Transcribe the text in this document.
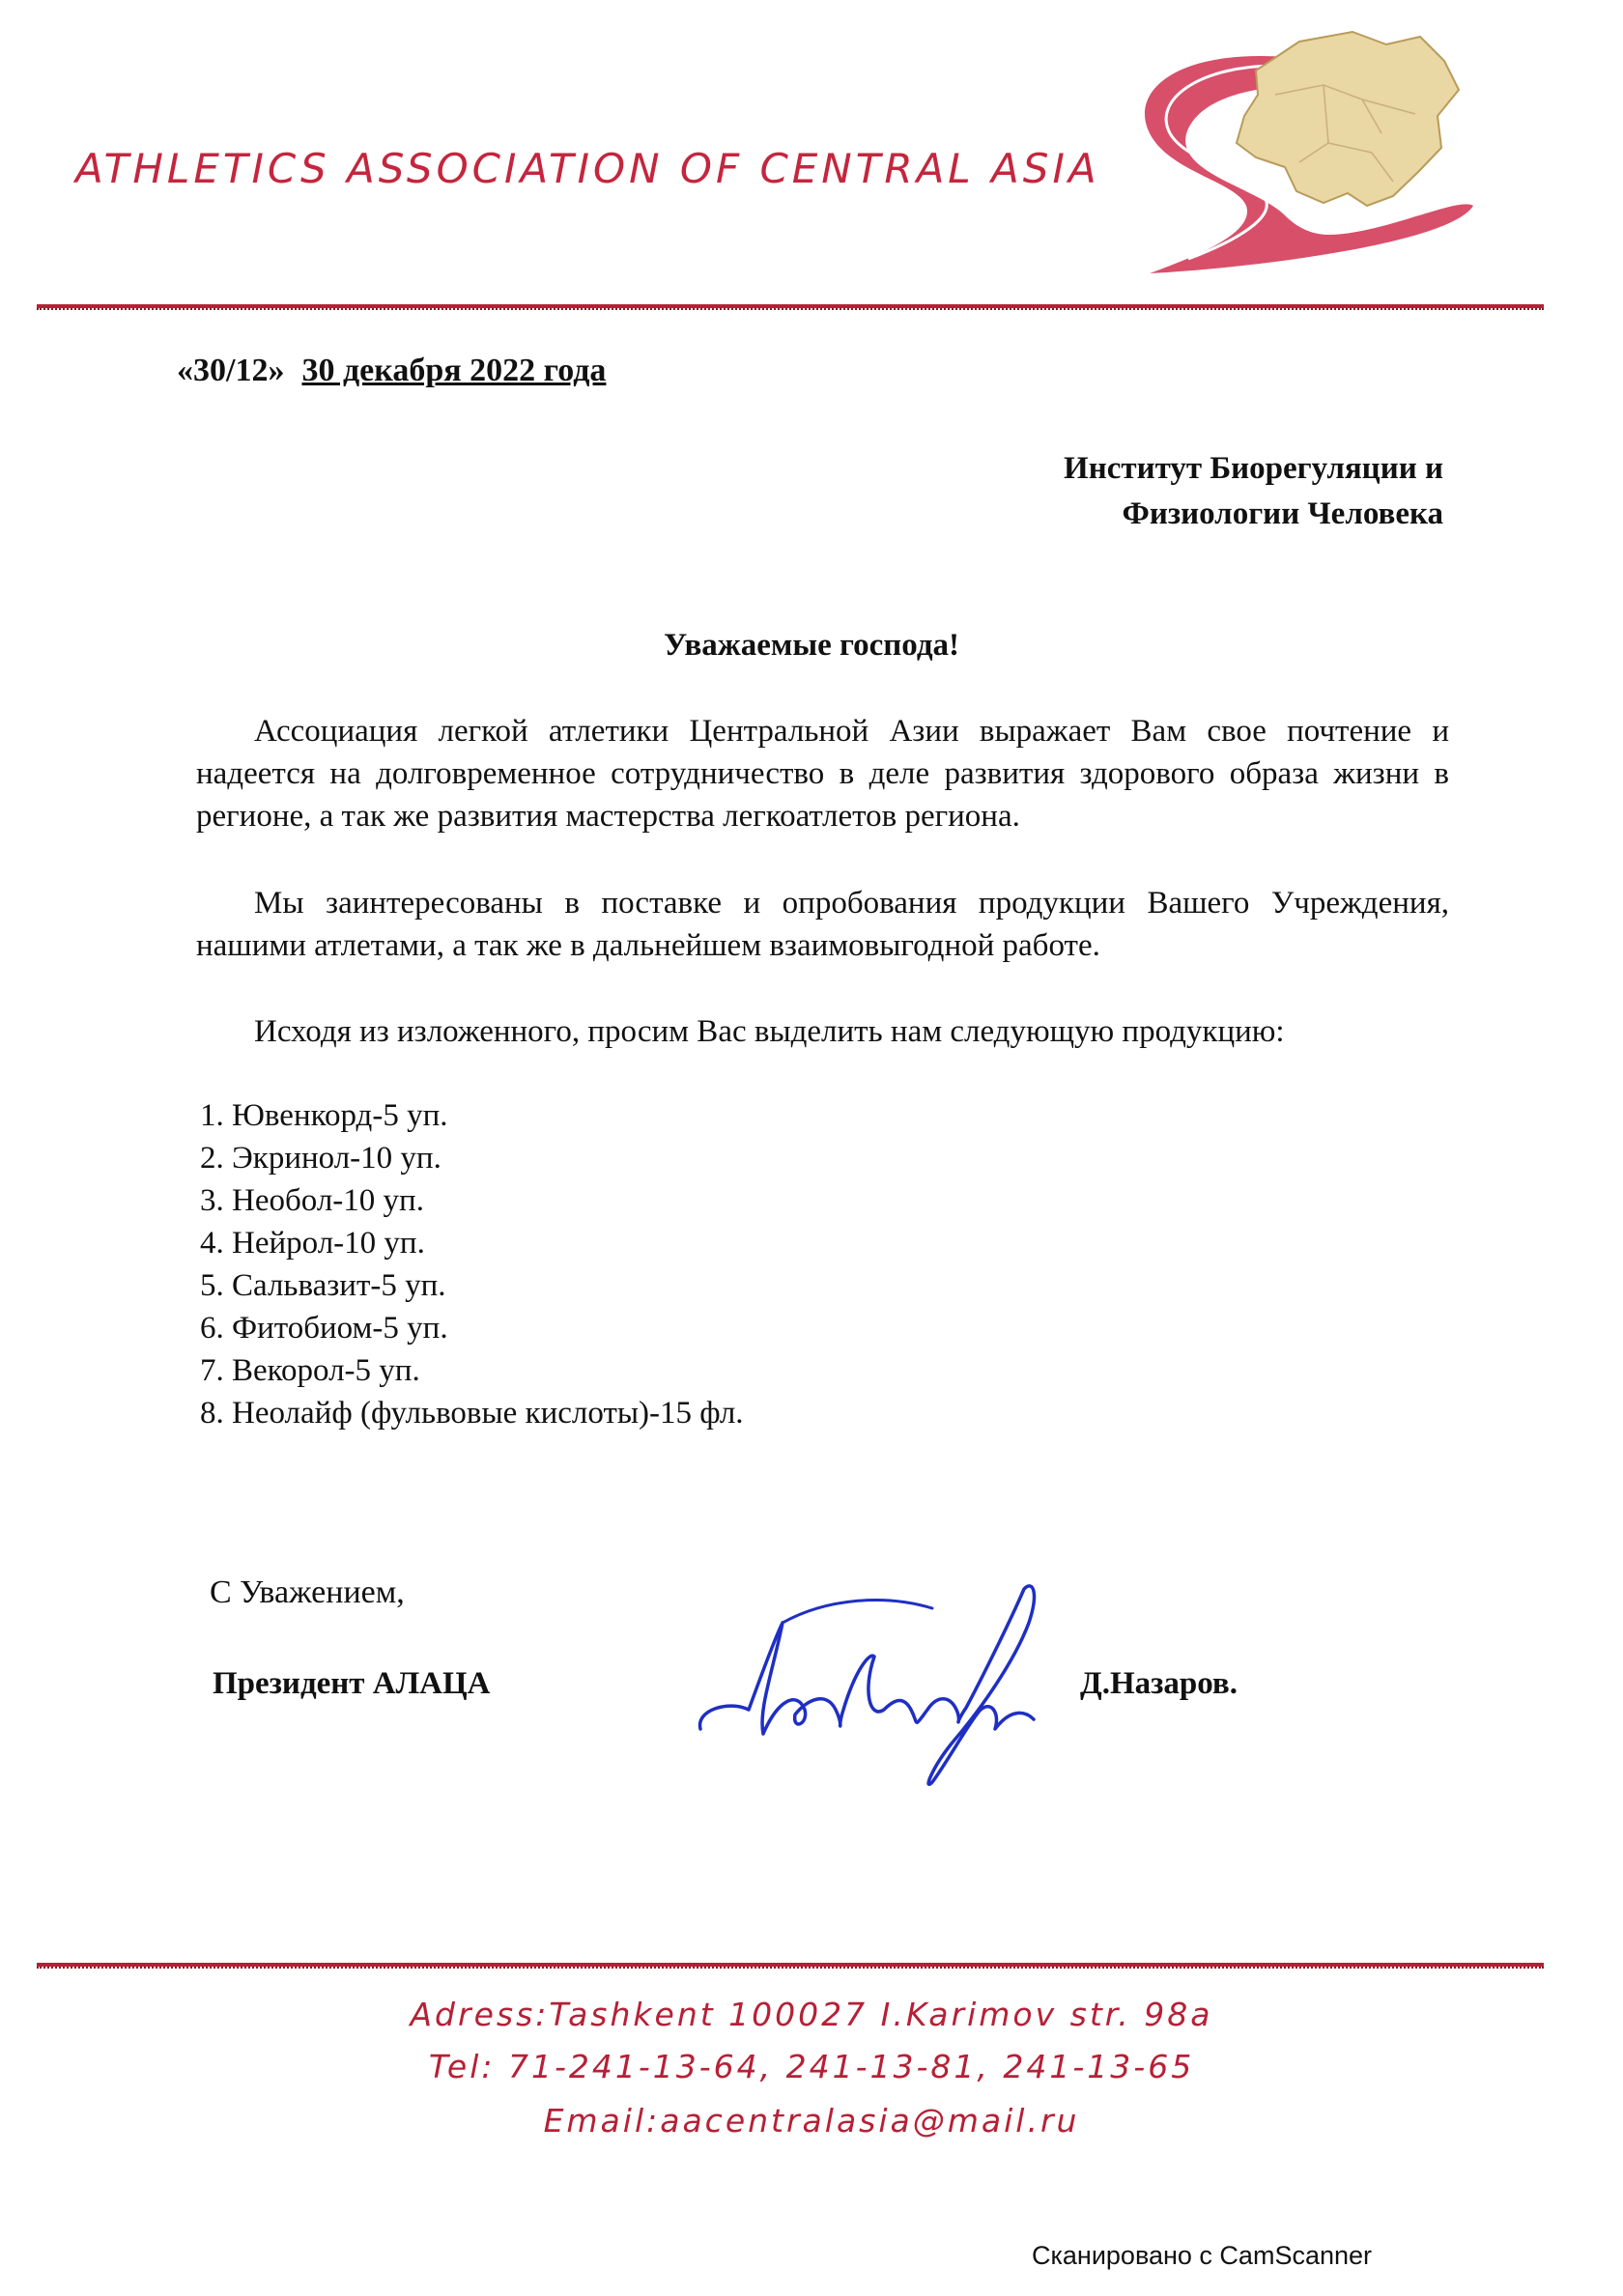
ATHLETICS ASSOCIATION OF CENTRAL ASIA
«30/12» 30 декабря 2022 года
Институт Биорегуляции и
Физиологии Человека
Уважаемые господа!
Ассоциация легкой атлетики Центральной Азии выражает Вам свое почтение и надеется на долговременное сотрудничество в деле развития здорового образа жизни в регионе, а так же развития мастерства легкоатлетов региона.
Мы заинтересованы в поставке и опробования продукции Вашего Учреждения, нашими атлетами, а так же в дальнейшем взаимовыгодной работе.
Исходя из изложенного, просим Вас выделить нам следующую продукцию:
1. Ювенкорд-5 уп.
2. Экринол-10 уп.
3. Необол-10 уп.
4. Нейрол-10 уп.
5. Сальвазит-5 уп.
6. Фитобиом-5 уп.
7. Векорол-5 уп.
8. Неолайф (фульвовые кислоты)-15 фл.
С Уважением,
Президент АЛАЦА	Д.Назаров.
Adress:Tashkent 100027 I.Karimov str. 98a
Tel: 71-241-13-64, 241-13-81, 241-13-65
Email:aacentralasia@mail.ru
Сканировано с CamScanner
